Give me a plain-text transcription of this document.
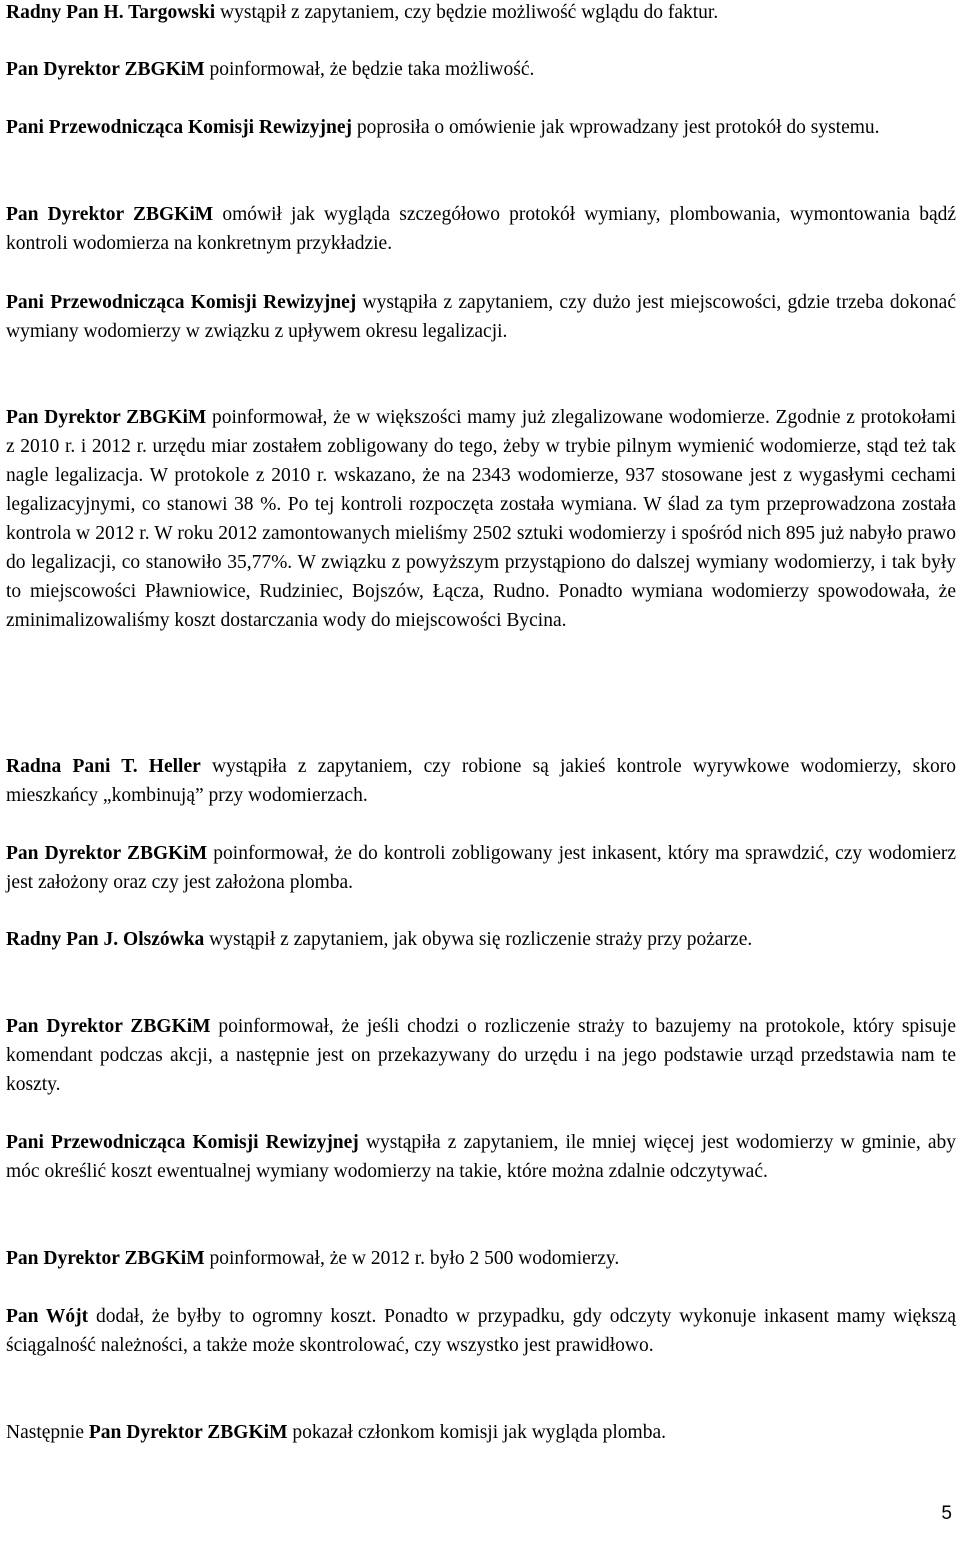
Radny Pan H. Targowski wystąpił z zapytaniem, czy będzie możliwość wglądu do faktur.

Pan Dyrektor ZBGKiM poinformował, że będzie taka możliwość.

Pani Przewodnicząca Komisji Rewizyjnej poprosiła o omówienie jak wprowadzany jest protokół do systemu.

Pan Dyrektor ZBGKiM omówił jak wygląda szczegółowo protokół wymiany, plombowania, wymontowania bądź kontroli wodomierza na konkretnym przykładzie.

Pani Przewodnicząca Komisji Rewizyjnej wystąpiła z zapytaniem, czy dużo jest miejscowości, gdzie trzeba dokonać wymiany wodomierzy w związku z upływem okresu legalizacji.

Pan Dyrektor ZBGKiM poinformował, że w większości mamy już zlegalizowane wodomierze. Zgodnie z protokołami z 2010 r. i 2012 r. urzędu miar zostałem zobligowany do tego, żeby w trybie pilnym wymienić wodomierze, stąd też tak nagle legalizacja. W protokole z 2010 r. wskazano, że na 2343 wodomierze, 937 stosowane jest z wygasłymi cechami legalizacyjnymi, co stanowi 38 %. Po tej kontroli rozpoczęta została wymiana. W ślad za tym przeprowadzona została kontrola w 2012 r. W roku 2012 zamontowanych mieliśmy 2502 sztuki wodomierzy i spośród nich 895 już nabyło prawo do legalizacji, co stanowiło 35,77%. W związku z powyższym przystąpiono do dalszej wymiany wodomierzy, i tak były to miejscowości Pławniowice, Rudziniec, Bojszów, Łącza, Rudno. Ponadto wymiana wodomierzy spowodowała, że zminimalizowaliśmy koszt dostarczania wody do miejscowości Bycina.

Radna Pani T. Heller wystąpiła z zapytaniem, czy robione są jakieś kontrole wyrywkowe wodomierzy, skoro mieszkańcy „kombinują” przy wodomierzach.

Pan Dyrektor ZBGKiM poinformował, że do kontroli zobligowany jest inkasent, który ma sprawdzić, czy wodomierz jest założony oraz czy jest założona plomba.

Radny Pan J. Olszówka wystąpił z zapytaniem, jak obywa się rozliczenie straży przy pożarze.

Pan Dyrektor ZBGKiM poinformował, że jeśli chodzi o rozliczenie straży to bazujemy na protokole, który spisuje komendant podczas akcji, a następnie jest on przekazywany do urzędu i na jego podstawie urząd przedstawia nam te koszty.

Pani Przewodnicząca Komisji Rewizyjnej wystąpiła z zapytaniem, ile mniej więcej jest wodomierzy w gminie, aby móc określić koszt ewentualnej wymiany wodomierzy na takie, które można zdalnie odczytywać.

Pan Dyrektor ZBGKiM poinformował, że w 2012 r. było 2 500 wodomierzy.

Pan Wójt dodał, że byłby to ogromny koszt. Ponadto w przypadku, gdy odczyty wykonuje inkasent mamy większą ściągalność należności, a także może skontrolować, czy wszystko jest prawidłowo.

Następnie Pan Dyrektor ZBGKiM pokazał członkom komisji jak wygląda plomba.

5
